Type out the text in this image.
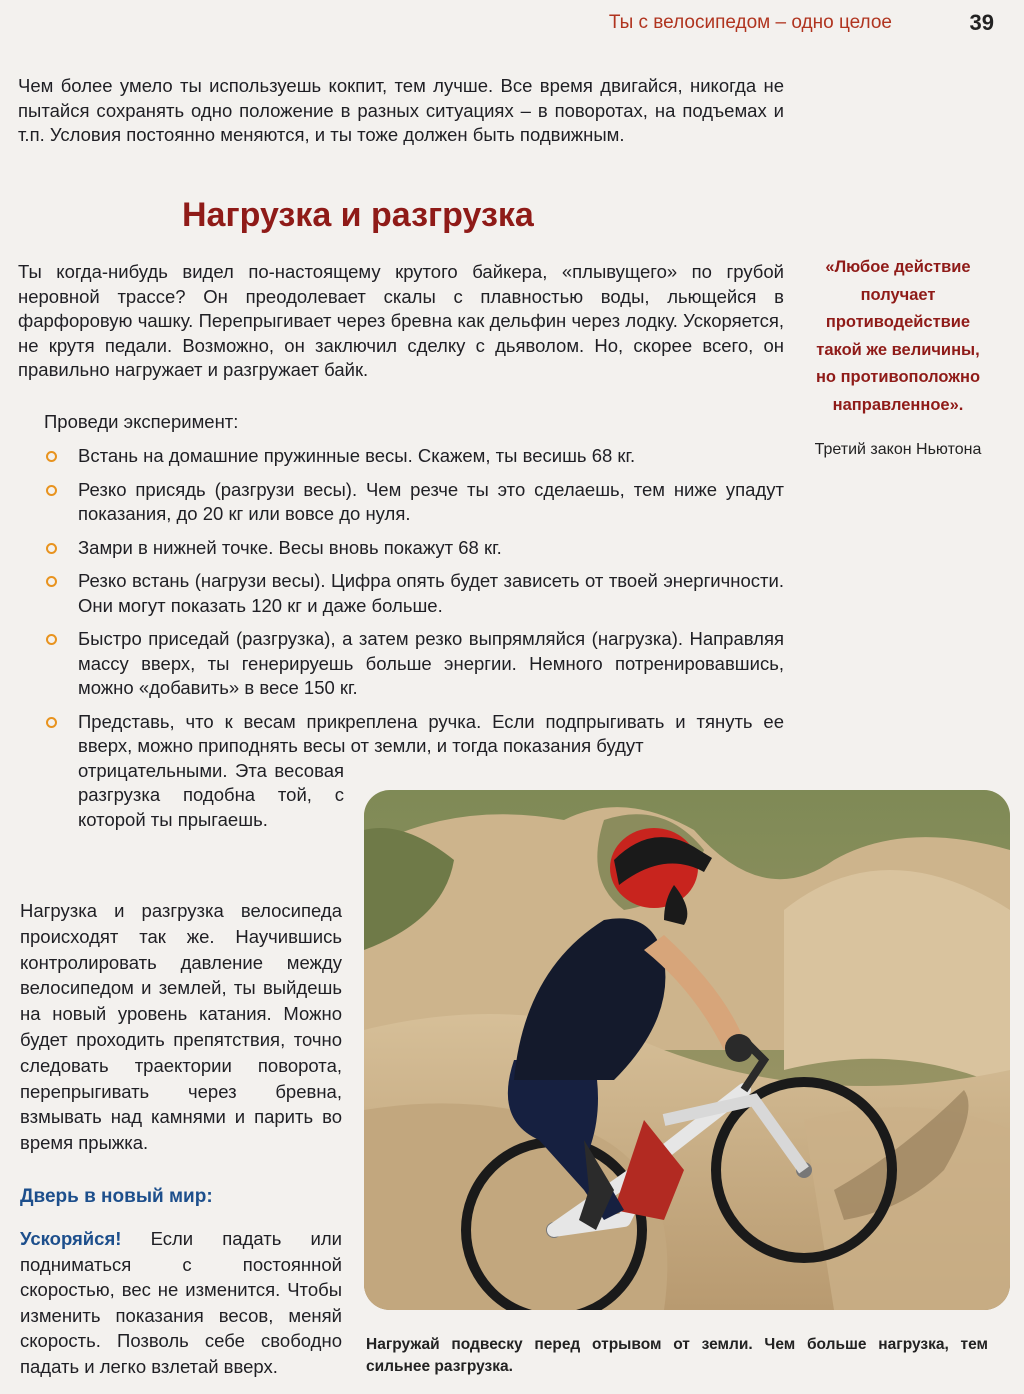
Ты с велосипедом – одно целое	39

Чем более умело ты используешь кокпит, тем лучше. Все время двигайся, никогда не пытайся сохранять одно положение в разных ситуациях – в поворотах, на подъемах и т.п. Условия постоянно меняются, и ты тоже должен быть подвижным.

Нагрузка и разгрузка

Ты когда-нибудь видел по-настоящему крутого байкера, «плывущего» по грубой неровной трассе? Он преодолевает скалы с плавностью воды, льющейся в фарфоровую чашку. Перепрыгивает через бревна как дельфин через лодку. Ускоряется, не крутя педали. Возможно, он заключил сделку с дьяволом. Но, скорее всего, он правильно нагружает и разгружает байк.

Проведи эксперимент:

Встань на домашние пружинные весы. Скажем, ты весишь 68 кг.

Резко присядь (разгрузи весы). Чем резче ты это сделаешь, тем ниже упадут показания, до 20 кг или вовсе до нуля.

Замри в нижней точке. Весы вновь покажут 68 кг.

Резко встань (нагрузи весы). Цифра опять будет зависеть от твоей энергичности. Они могут показать 120 кг и даже больше.

Быстро приседай (разгрузка), а затем резко выпрямляйся (нагрузка). Направляя массу вверх, ты генерируешь больше энергии. Немного потренировавшись, можно «добавить» в весе 150 кг.

Представь, что к весам прикреплена ручка. Если подпрыгивать и тянуть ее вверх, можно приподнять весы от земли, и тогда показания будут

отрицательными. Эта весовая разгрузка подобна той, с которой ты прыгаешь.

«Любое действие получает противодействие такой же величины, но противоположно направленное».

Третий закон Ньютона

Нагружай подвеску перед отрывом от земли. Чем больше нагрузка, тем сильнее разгрузка.

Нагрузка и разгрузка велосипеда происходят так же. Научившись контролировать давление между велосипедом и землей, ты выйдешь на новый уровень катания. Можно будет проходить препятствия, точно следовать траектории поворота, перепрыгивать через бревна, взмывать над камнями и парить во время прыжка.

Дверь в новый мир:

Ускоряйся! Если падать или подниматься с постоянной скоростью, вес не изменится. Чтобы изменить показания весов, меняй скорость. Позволь себе свободно падать и легко взлетай вверх.
